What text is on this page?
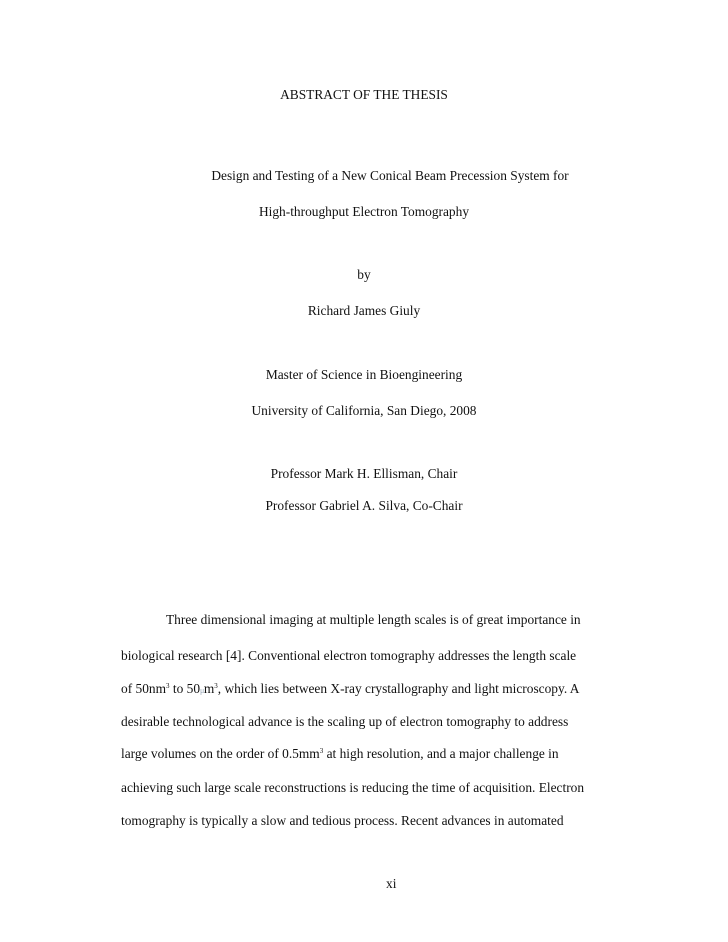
ABSTRACT OF THE THESIS
Design and Testing of a New Conical Beam Precession System for
High-throughput Electron Tomography
by
Richard James Giuly
Master of Science in Bioengineering
University of California, San Diego, 2008
Professor Mark H. Ellisman, Chair
Professor Gabriel A. Silva, Co-Chair
Three dimensional imaging at multiple length scales is of great importance in
biological research [4]. Conventional electron tomography addresses the length scale
of $50nm^3$ to $50\mu m^3$, which lies between X-ray crystallography and light microscopy. A
desirable technological advance is the scaling up of electron tomography to address
large volumes on the order of $0.5mm^3$ at high resolution, and a major challenge in
achieving such large scale reconstructions is reducing the time of acquisition. Electron
tomography is typically a slow and tedious process. Recent advances in automated
xi
